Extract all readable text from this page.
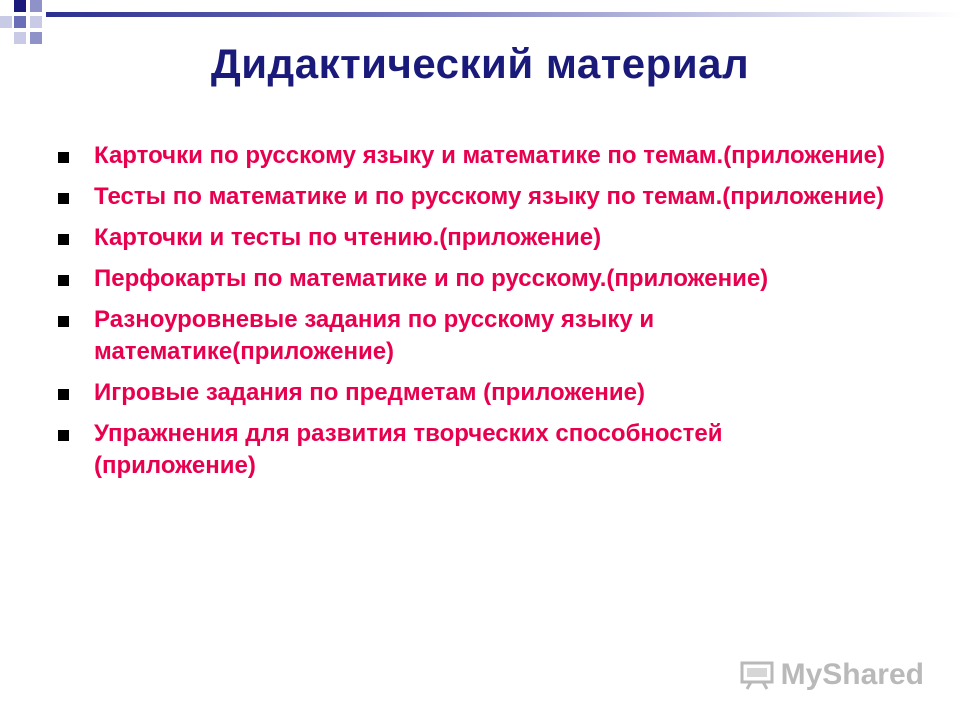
Дидактический материал
Карточки по русскому языку и математике по темам.(приложение)
Тесты по математике и по русскому языку по темам.(приложение)
Карточки и тесты по чтению.(приложение)
Перфокарты по математике и по русскому.(приложение)
Разноуровневые задания по русскому языку и математике(приложение)
Игровые задания по предметам (приложение)
Упражнения для развития творческих способностей (приложение)
MyShared
